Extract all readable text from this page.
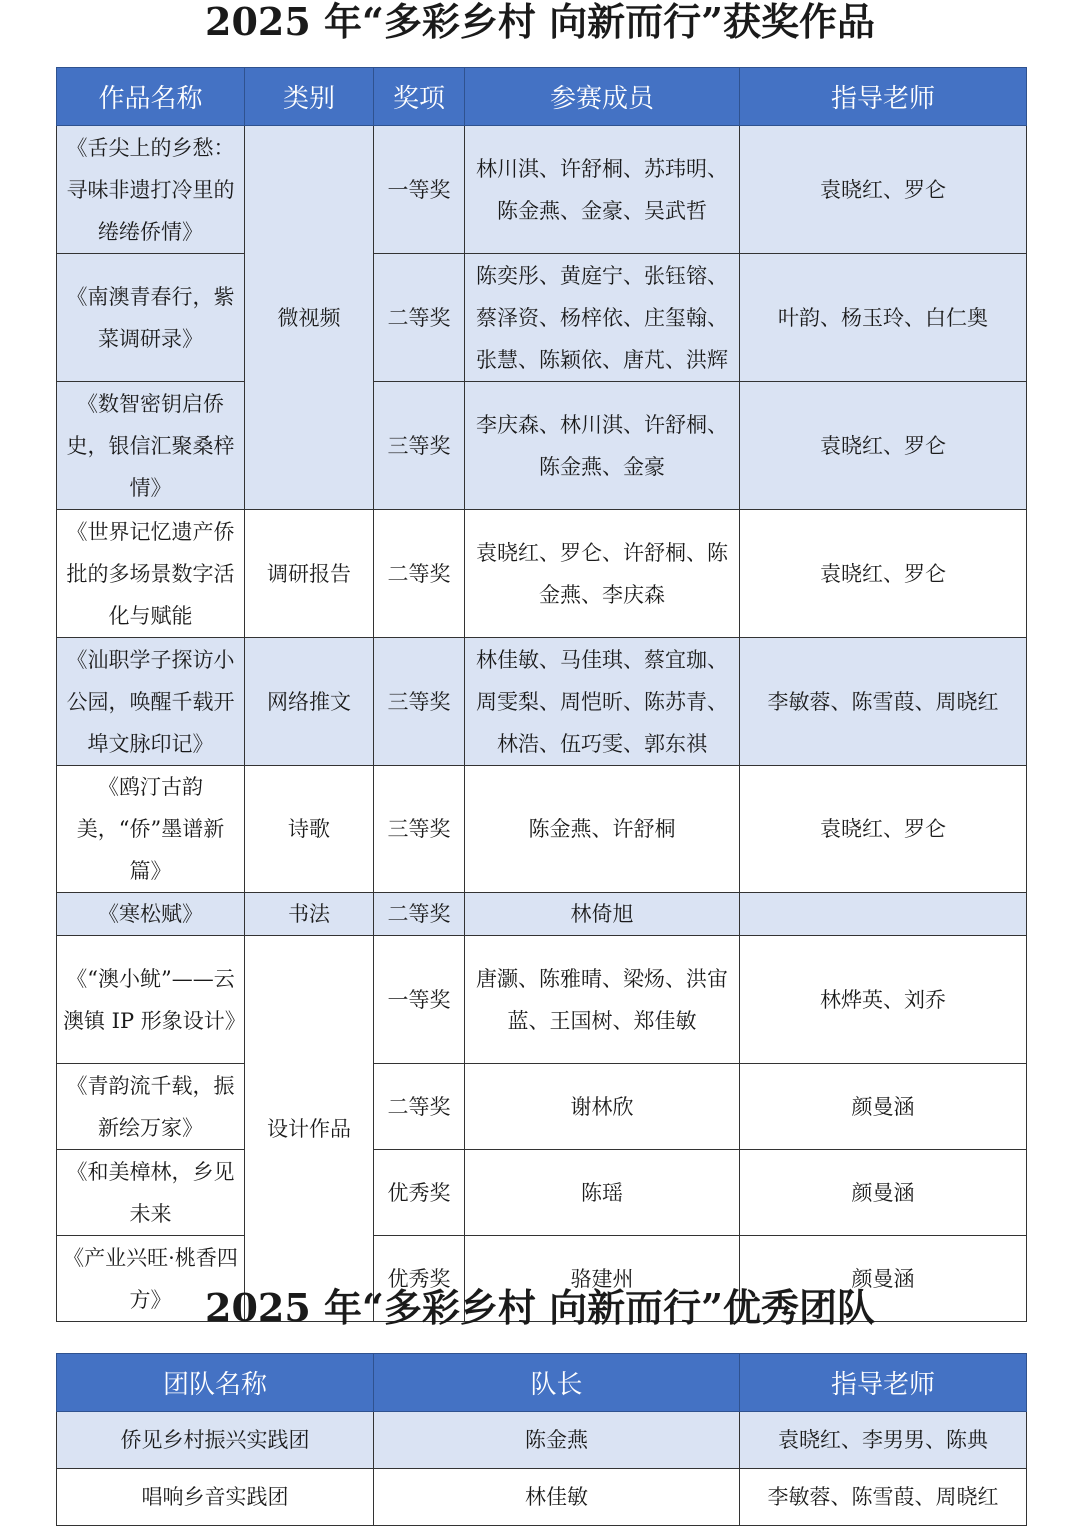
2025 年“多彩乡村 向新而行”获奖作品
作品名称	类别	奖项	参赛成员	指导老师
《舌尖上的乡愁：寻味非遗打冷里的绻绻侨情》	微视频	一等奖	林川淇、许舒桐、苏玮明、陈金燕、金豪、吴武哲	袁晓红、罗仑
《南澳青春行，紫菜调研录》		二等奖	陈奕彤、黄庭宁、张钰镕、蔡泽资、杨梓依、庄玺翰、张慧、陈颖依、唐芃、洪辉	叶韵、杨玉玲、白仁奥
《数智密钥启侨史，银信汇聚桑梓情》		三等奖	李庆森、林川淇、许舒桐、陈金燕、金豪	袁晓红、罗仑
《世界记忆遗产侨批的多场景数字活化与赋能	调研报告	二等奖	袁晓红、罗仑、许舒桐、陈金燕、李庆森	袁晓红、罗仑
《汕职学子探访小公园，唤醒千载开埠文脉印记》	网络推文	三等奖	林佳敏、马佳琪、蔡宜珈、周雯梨、周恺昕、陈苏青、林浩、伍巧雯、郭东祺	李敏蓉、陈雪葭、周晓红
《鸥汀古韵美，“侨”墨谱新篇》	诗歌	三等奖	陈金燕、许舒桐	袁晓红、罗仑
《寒松赋》	书法	二等奖	林倚旭	
《“澳小鱿”——云澳镇 IP 形象设计》	设计作品	一等奖	唐灏、陈雅晴、梁炀、洪宙蓝、王国树、郑佳敏	林烨英、刘乔
《青韵流千载，振新绘万家》		二等奖	谢林欣	颜曼涵
《和美樟林，乡见未来		优秀奖	陈瑶	颜曼涵
《产业兴旺·桃香四方》		优秀奖	骆建州	颜曼涵
2025 年“多彩乡村 向新而行”优秀团队
团队名称	队长	指导老师
侨见乡村振兴实践团	陈金燕	袁晓红、李男男、陈典
唱响乡音实践团	林佳敏	李敏蓉、陈雪葭、周晓红
